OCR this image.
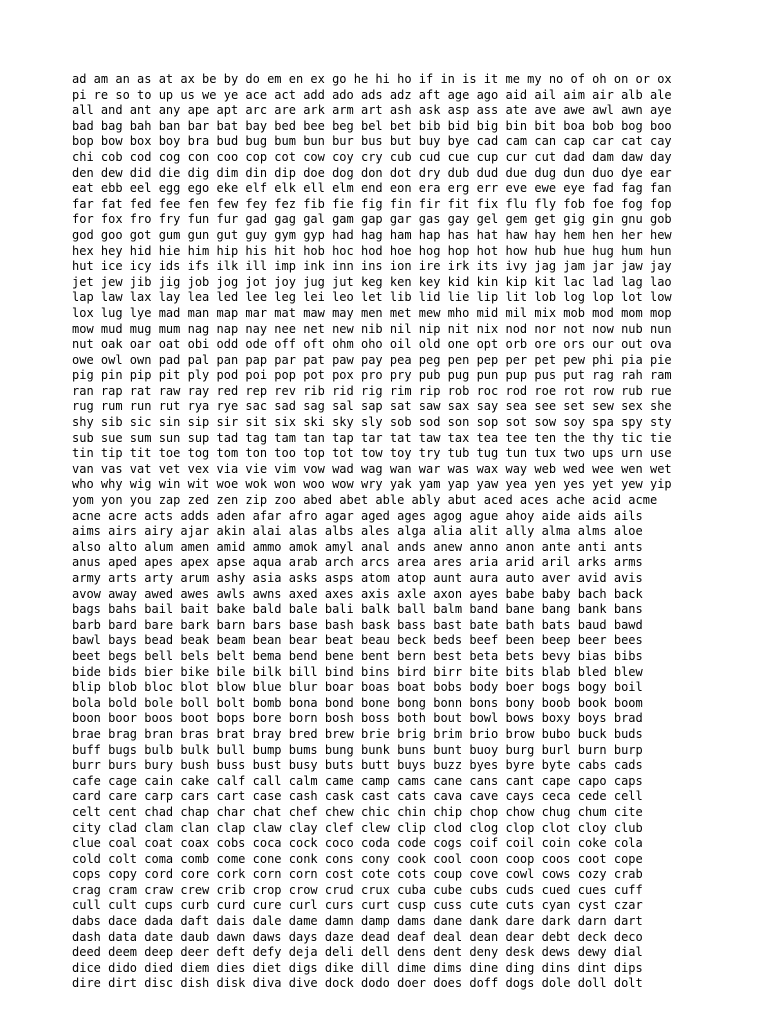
ad am an as at ax be by do em en ex go he hi ho if in is it me my no of oh on or ox
pi re so to up us we ye ace act add ado ads adz aft age ago aid ail aim air alb ale
all and ant any ape apt arc are ark arm art ash ask asp ass ate ave awe awl awn aye
bad bag bah ban bar bat bay bed bee beg bel bet bib bid big bin bit boa bob bog boo
bop bow box boy bra bud bug bum bun bur bus but buy bye cad cam can cap car cat cay
chi cob cod cog con coo cop cot cow coy cry cub cud cue cup cur cut dad dam daw day
den dew did die dig dim din dip doe dog don dot dry dub dud due dug dun duo dye ear
eat ebb eel egg ego eke elf elk ell elm end eon era erg err eve ewe eye fad fag fan
far fat fed fee fen few fey fez fib fie fig fin fir fit fix flu fly fob foe fog fop
for fox fro fry fun fur gad gag gal gam gap gar gas gay gel gem get gig gin gnu gob
god goo got gum gun gut guy gym gyp had hag ham hap has hat haw hay hem hen her hew
hex hey hid hie him hip his hit hob hoc hod hoe hog hop hot how hub hue hug hum hun
hut ice icy ids ifs ilk ill imp ink inn ins ion ire irk its ivy jag jam jar jaw jay
jet jew jib jig job jog jot joy jug jut keg ken key kid kin kip kit lac lad lag lao
lap law lax lay lea led lee leg lei leo let lib lid lie lip lit lob log lop lot low
lox lug lye mad man map mar mat maw may men met mew mho mid mil mix mob mod mom mop
mow mud mug mum nag nap nay nee net new nib nil nip nit nix nod nor not now nub nun
nut oak oar oat obi odd ode off oft ohm oho oil old one opt orb ore ors our out ova
owe owl own pad pal pan pap par pat paw pay pea peg pen pep per pet pew phi pia pie
pig pin pip pit ply pod poi pop pot pox pro pry pub pug pun pup pus put rag rah ram
ran rap rat raw ray red rep rev rib rid rig rim rip rob roc rod roe rot row rub rue
rug rum run rut rya rye sac sad sag sal sap sat saw sax say sea see set sew sex she
shy sib sic sin sip sir sit six ski sky sly sob sod son sop sot sow soy spa spy sty
sub sue sum sun sup tad tag tam tan tap tar tat taw tax tea tee ten the thy tic tie
tin tip tit toe tog tom ton too top tot tow toy try tub tug tun tux two ups urn use
van vas vat vet vex via vie vim vow wad wag wan war was wax way web wed wee wen wet
who why wig win wit woe wok won woo wow wry yak yam yap yaw yea yen yes yet yew yip
yom yon you zap zed zen zip zoo abed abet able ably abut aced aces ache acid acme
acne acre acts adds aden afar afro agar aged ages agog ague ahoy aide aids ails
aims airs airy ajar akin alai alas albs ales alga alia alit ally alma alms aloe
also alto alum amen amid ammo amok amyl anal ands anew anno anon ante anti ants
anus aped apes apex apse aqua arab arch arcs area ares aria arid aril arks arms
army arts arty arum ashy asia asks asps atom atop aunt aura auto aver avid avis
avow away awed awes awls awns axed axes axis axle axon ayes babe baby bach back
bags bahs bail bait bake bald bale bali balk ball balm band bane bang bank bans
barb bard bare bark barn bars base bash bask bass bast bate bath bats baud bawd
bawl bays bead beak beam bean bear beat beau beck beds beef been beep beer bees
beet begs bell bels belt bema bend bene bent bern best beta bets bevy bias bibs
bide bids bier bike bile bilk bill bind bins bird birr bite bits blab bled blew
blip blob bloc blot blow blue blur boar boas boat bobs body boer bogs bogy boil
bola bold bole boll bolt bomb bona bond bone bong bonn bons bony boob book boom
boon boor boos boot bops bore born bosh boss both bout bowl bows boxy boys brad
brae brag bran bras brat bray bred brew brie brig brim brio brow bubo buck buds
buff bugs bulb bulk bull bump bums bung bunk buns bunt buoy burg burl burn burp
burr burs bury bush buss bust busy buts butt buys buzz byes byre byte cabs cads
cafe cage cain cake calf call calm came camp cams cane cans cant cape capo caps
card care carp cars cart case cash cask cast cats cava cave cays ceca cede cell
celt cent chad chap char chat chef chew chic chin chip chop chow chug chum cite
city clad clam clan clap claw clay clef clew clip clod clog clop clot cloy club
clue coal coat coax cobs coca cock coco coda code cogs coif coil coin coke cola
cold colt coma comb come cone conk cons cony cook cool coon coop coos coot cope
cops copy cord core cork corn corn cost cote cots coup cove cowl cows cozy crab
crag cram craw crew crib crop crow crud crux cuba cube cubs cuds cued cues cuff
cull cult cups curb curd cure curl curs curt cusp cuss cute cuts cyan cyst czar
dabs dace dada daft dais dale dame damn damp dams dane dank dare dark darn dart
dash data date daub dawn daws days daze dead deaf deal dean dear debt deck deco
deed deem deep deer deft defy deja deli dell dens dent deny desk dews dewy dial
dice dido died diem dies diet digs dike dill dime dims dine ding dins dint dips
dire dirt disc dish disk diva dive dock dodo doer does doff dogs dole doll dolt
